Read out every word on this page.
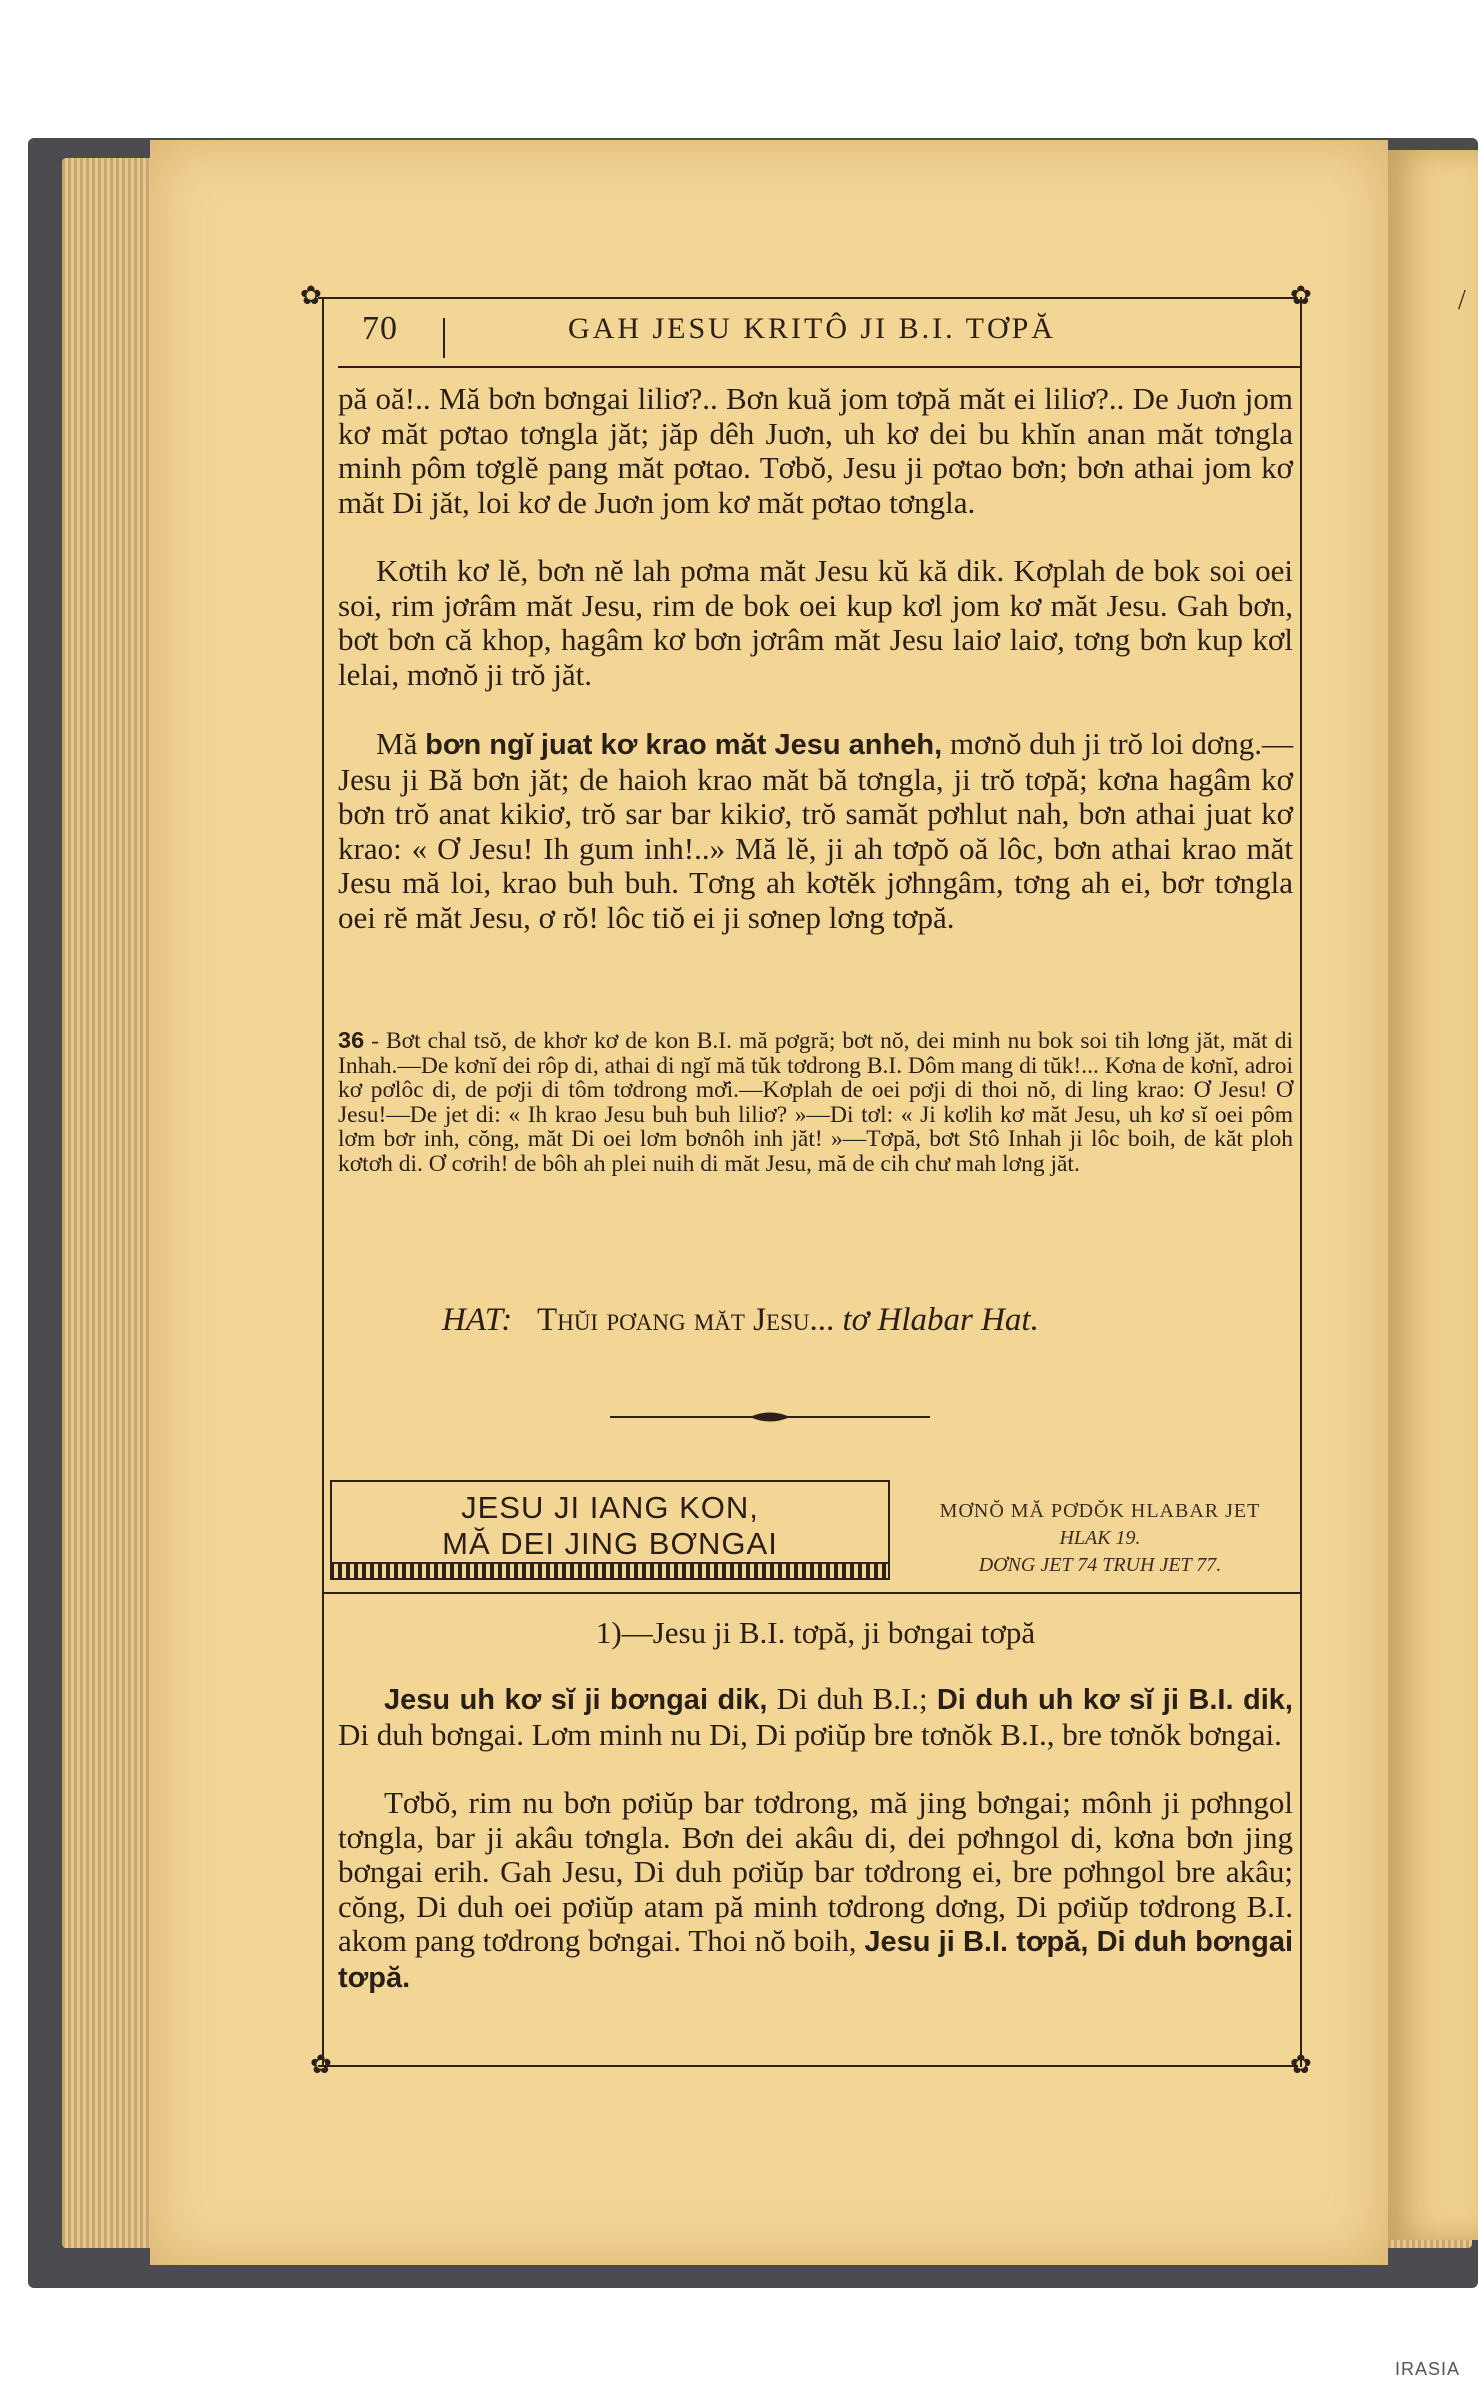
/
✿	✿
✿	✿
70	GAH JESU KRITÔ JI B.I. TƠPĂ
pă oă!.. Mă bơn bơngai liliơ?.. Bơn kuă jom tơpă măt ei liliơ?.. De Juơn jom kơ măt pơtao tơngla jăt; jăp dêh Juơn, uh kơ dei bu khĭn anan măt tơngla minh pôm tơglĕ pang măt pơtao. Tơbŏ, Jesu ji pơtao bơn; bơn athai jom kơ măt Di jăt, loi kơ de Juơn jom kơ măt pơtao tơngla.
Kơtih kơ lĕ, bơn nĕ lah pơma măt Jesu kŭ kă dik. Kơplah de bok soi oei soi, rim jơrâm măt Jesu, rim de bok oei kup kơl jom kơ măt Jesu. Gah bơn, bơt bơn că khop, hagâm kơ bơn jơrâm măt Jesu laiơ laiơ, tơng bơn kup kơl lelai, mơnŏ ji trŏ jăt.
Mă bơn ngĭ juat kơ krao măt Jesu anheh, mơnŏ duh ji trŏ loi dơng.—Jesu ji Bă bơn jăt; de haioh krao măt bă tơngla, ji trŏ tơpă; kơna hagâm kơ bơn trŏ anat kikiơ, trŏ sar bar kikiơ, trŏ samăt pơhlut nah, bơn athai juat kơ krao: « Ơ Jesu! Ih gum inh!..» Mă lĕ, ji ah tơpŏ oă lôc, bơn athai krao măt Jesu mă loi, krao buh buh. Tơng ah kơtĕk jơhngâm, tơng ah ei, bơr tơngla oei rĕ măt Jesu, ơ rŏ! lôc tiŏ ei ji sơnep lơng tơpă.
36 - Bơt chal tsŏ, de khơr kơ de kon B.I. mă pơgră; bơt nŏ, dei minh nu bok soi tih lơng jăt, măt di Inhah.—De kơnĭ dei rôp di, athai di ngĭ mă tŭk tơdrong B.I. Dôm mang di tŭk!... Kơna de kơnĭ, adroi kơ pơlôc di, de pơji di tôm tơdrong mơ̆i.—Kơplah de oei pơji di thoi nŏ, di ling krao: Ơ Jesu! Ơ Jesu!—De jet di: « Ih krao Jesu buh buh liliơ? »—Di tơl: « Ji kơlih kơ măt Jesu, uh kơ sĭ oei pôm lơm bơr inh, cŏng, măt Di oei lơm bơnôh inh jăt! »—Tơpă, bơt Stô Inhah ji lôc boih, de kăt ploh kơtơh di. Ơ cơrih! de bôh ah plei nuih di măt Jesu, mă de cih chư mah lơng jăt.
HAT: Thŭi pơang măt Jesu... tơ Hlabar Hat.
JESU JI IANG KON,
MĂ DEI JING BƠNGAI
MƠNŎ MĂ PƠDŎK HLABAR JET
HLAK 19.
DƠNG JET 74 TRUH JET 77.
1)—Jesu ji B.I. tơpă, ji bơngai tơpă
Jesu uh kơ sĭ ji bơngai dik, Di duh B.I.; Di duh uh kơ sĭ ji B.I. dik, Di duh bơngai. Lơm minh nu Di, Di pơiŭp bre tơnŏk B.I., bre tơnŏk bơngai.
Tơbŏ, rim nu bơn pơiŭp bar tơdrong, mă jing bơngai; mônh ji pơhngol tơngla, bar ji akâu tơngla. Bơn dei akâu di, dei pơhngol di, kơna bơn jing bơngai erih. Gah Jesu, Di duh pơiŭp bar tơdrong ei, bre pơhngol bre akâu; cŏng, Di duh oei pơiŭp atam pă minh tơdrong dơng, Di pơiŭp tơdrong B.I. akom pang tơdrong bơngai. Thoi nŏ boih, Jesu ji B.I. tơpă, Di duh bơngai tơpă.
IRASIA
